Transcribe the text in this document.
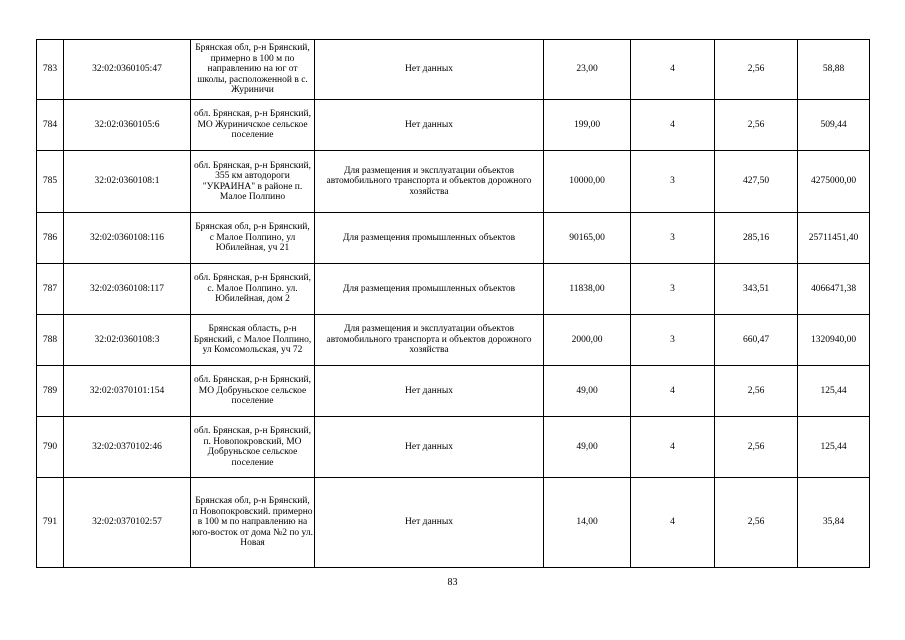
783	32:02:0360105:47	Брянская обл, р-н Брянский, примерно в 100 м по направлению на юг от школы, расположенной в с. Журиничи	Нет данных	23,00	4	2,56	58,88
784	32:02:0360105:6	обл. Брянская, р-н Брянский, МО Журиничское сельское поселение	Нет данных	199,00	4	2,56	509,44
785	32:02:0360108:1	обл. Брянская, р-н Брянский, 355 км автодороги "УКРАИНА" в районе п. Малое Полпино	Для размещения и эксплуатации объектов автомобильного транспорта и объектов дорожного хозяйства	10000,00	3	427,50	4275000,00
786	32:02:0360108:116	Брянская обл, р-н Брянский, с Малое Полпино, ул Юбилейная, уч 21	Для размещения промышленных объектов	90165,00	3	285,16	25711451,40
787	32:02:0360108:117	обл. Брянская, р-н Брянский, с. Малое Полпино. ул. Юбилейная, дом 2	Для размещения промышленных объектов	11838,00	3	343,51	4066471,38
788	32:02:0360108:3	Брянская область, р-н Брянский, с Малое Полпино, ул Комсомольская, уч 72	Для размещения и эксплуатации объектов автомобильного транспорта и объектов дорожного хозяйства	2000,00	3	660,47	1320940,00
789	32:02:0370101:154	обл. Брянская, р-н Брянский, МО Добруньское сельское поселение	Нет данных	49,00	4	2,56	125,44
790	32:02:0370102:46	обл. Брянская, р-н Брянский, п. Новопокровский, МО Добруньское сельское поселение	Нет данных	49,00	4	2,56	125,44
791	32:02:0370102:57	Брянская обл, р-н Брянский, п Новопокровский. примерно в 100 м по направлению на юго-восток от дома №2 по ул. Новая	Нет данных	14,00	4	2,56	35,84
83
